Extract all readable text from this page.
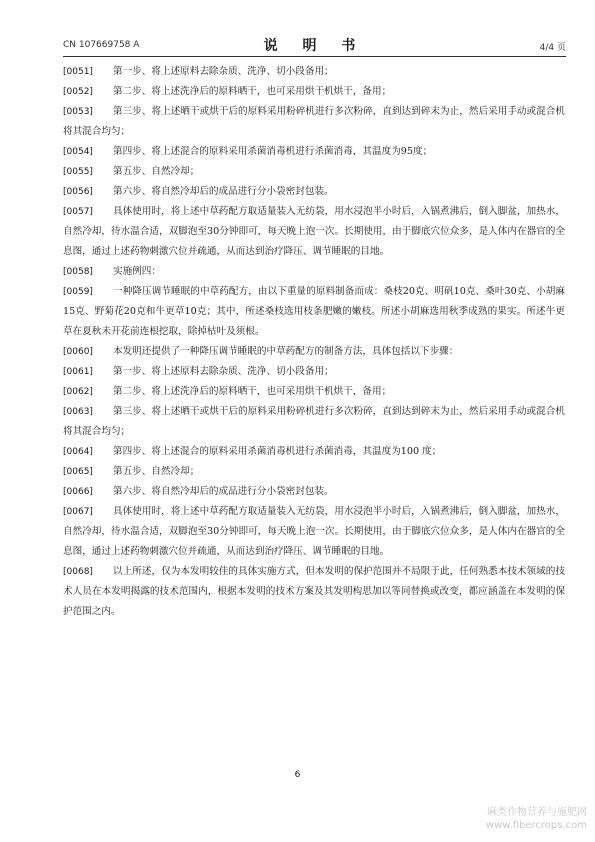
CN 107669758 A	说 明 书	4/4 页

[0051] 第一步、将上述原料去除杂质、洗净、切小段备用；

[0052] 第二步、将上述洗净后的原料晒干，也可采用烘干机烘干，备用；

[0053] 第三步、将上述晒干或烘干后的原料采用粉碎机进行多次粉碎，直到达到碎末为止，然后采用手动或混合机将其混合均匀；

[0054] 第四步、将上述混合的原料采用杀菌消毒机进行杀菌消毒，其温度为95度；

[0055] 第五步、自然冷却；

[0056] 第六步、将自然冷却后的成品进行分小袋密封包装。

[0057] 具体使用时，将上述中草药配方取适量装入无纺袋，用水浸泡半小时后，入锅煮沸后，倒入脚盆，加热水，自然冷却，待水温合适，双脚泡至30分钟即可，每天晚上泡一次。长期使用，由于脚底穴位众多，是人体内在器官的全息图，通过上述药物刺激穴位并疏通，从而达到治疗降压、调节睡眠的目地。

[0058] 实施例四：

[0059] 一种降压调节睡眠的中草药配方，由以下重量的原料制备而成：桑枝20克、明矾10克、桑叶30克、小胡麻15克、野菊花20克和牛更草10克；其中，所述桑枝选用枝条肥嫩的嫩枝。所述小胡麻选用秋季成熟的果实。所述牛更草在夏秋未开花前连根挖取，除掉枯叶及须根。

[0060] 本发明还提供了一种降压调节睡眠的中草药配方的制备方法，具体包括以下步骤：

[0061] 第一步、将上述原料去除杂质、洗净、切小段备用；

[0062] 第二步、将上述洗净后的原料晒干，也可采用烘干机烘干，备用；

[0063] 第三步、将上述晒干或烘干后的原料采用粉碎机进行多次粉碎，直到达到碎末为止，然后采用手动或混合机将其混合均匀；

[0064] 第四步、将上述混合的原料采用杀菌消毒机进行杀菌消毒，其温度为100 度；

[0065] 第五步、自然冷却；

[0066] 第六步、将自然冷却后的成品进行分小袋密封包装。

[0067] 具体使用时，将上述中草药配方取适量装入无纺袋，用水浸泡半小时后，入锅煮沸后，倒入脚盆，加热水，自然冷却，待水温合适，双脚泡至30分钟即可，每天晚上泡一次。长期使用，由于脚底穴位众多，是人体内在器官的全息图，通过上述药物刺激穴位并疏通，从而达到治疗降压、调节睡眠的目地。

[0068] 以上所述，仅为本发明较佳的具体实施方式，但本发明的保护范围并不局限于此，任何熟悉本技术领域的技术人员在本发明揭露的技术范围内，根据本发明的技术方案及其发明构思加以等同替换或改变，都应涵盖在本发明的保护范围之内。

6
麻类作物营养与施肥网
www.fibercrops.com
